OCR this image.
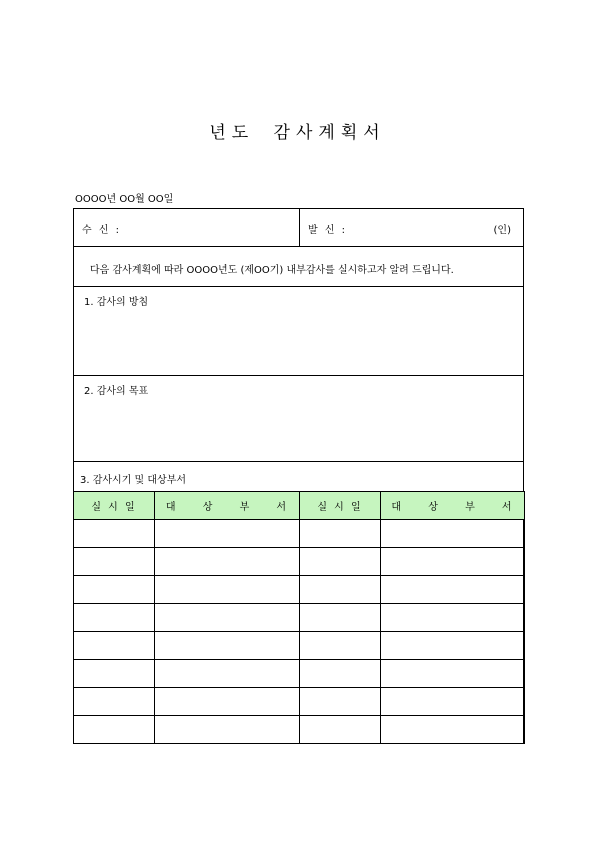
년도 감사계획서
OOOO년 OO월 OO일
수 신 :	발 신 :	(인)
다음 감사계획에 따라 OOOO년도 (제OO기) 내부감사를 실시하고자 알려 드립니다.
1. 감사의 방침
2. 감사의 목표
3. 감사시기 및 대상부서
실 시 일	대 상 부 서	실 시 일	대 상 부 서
